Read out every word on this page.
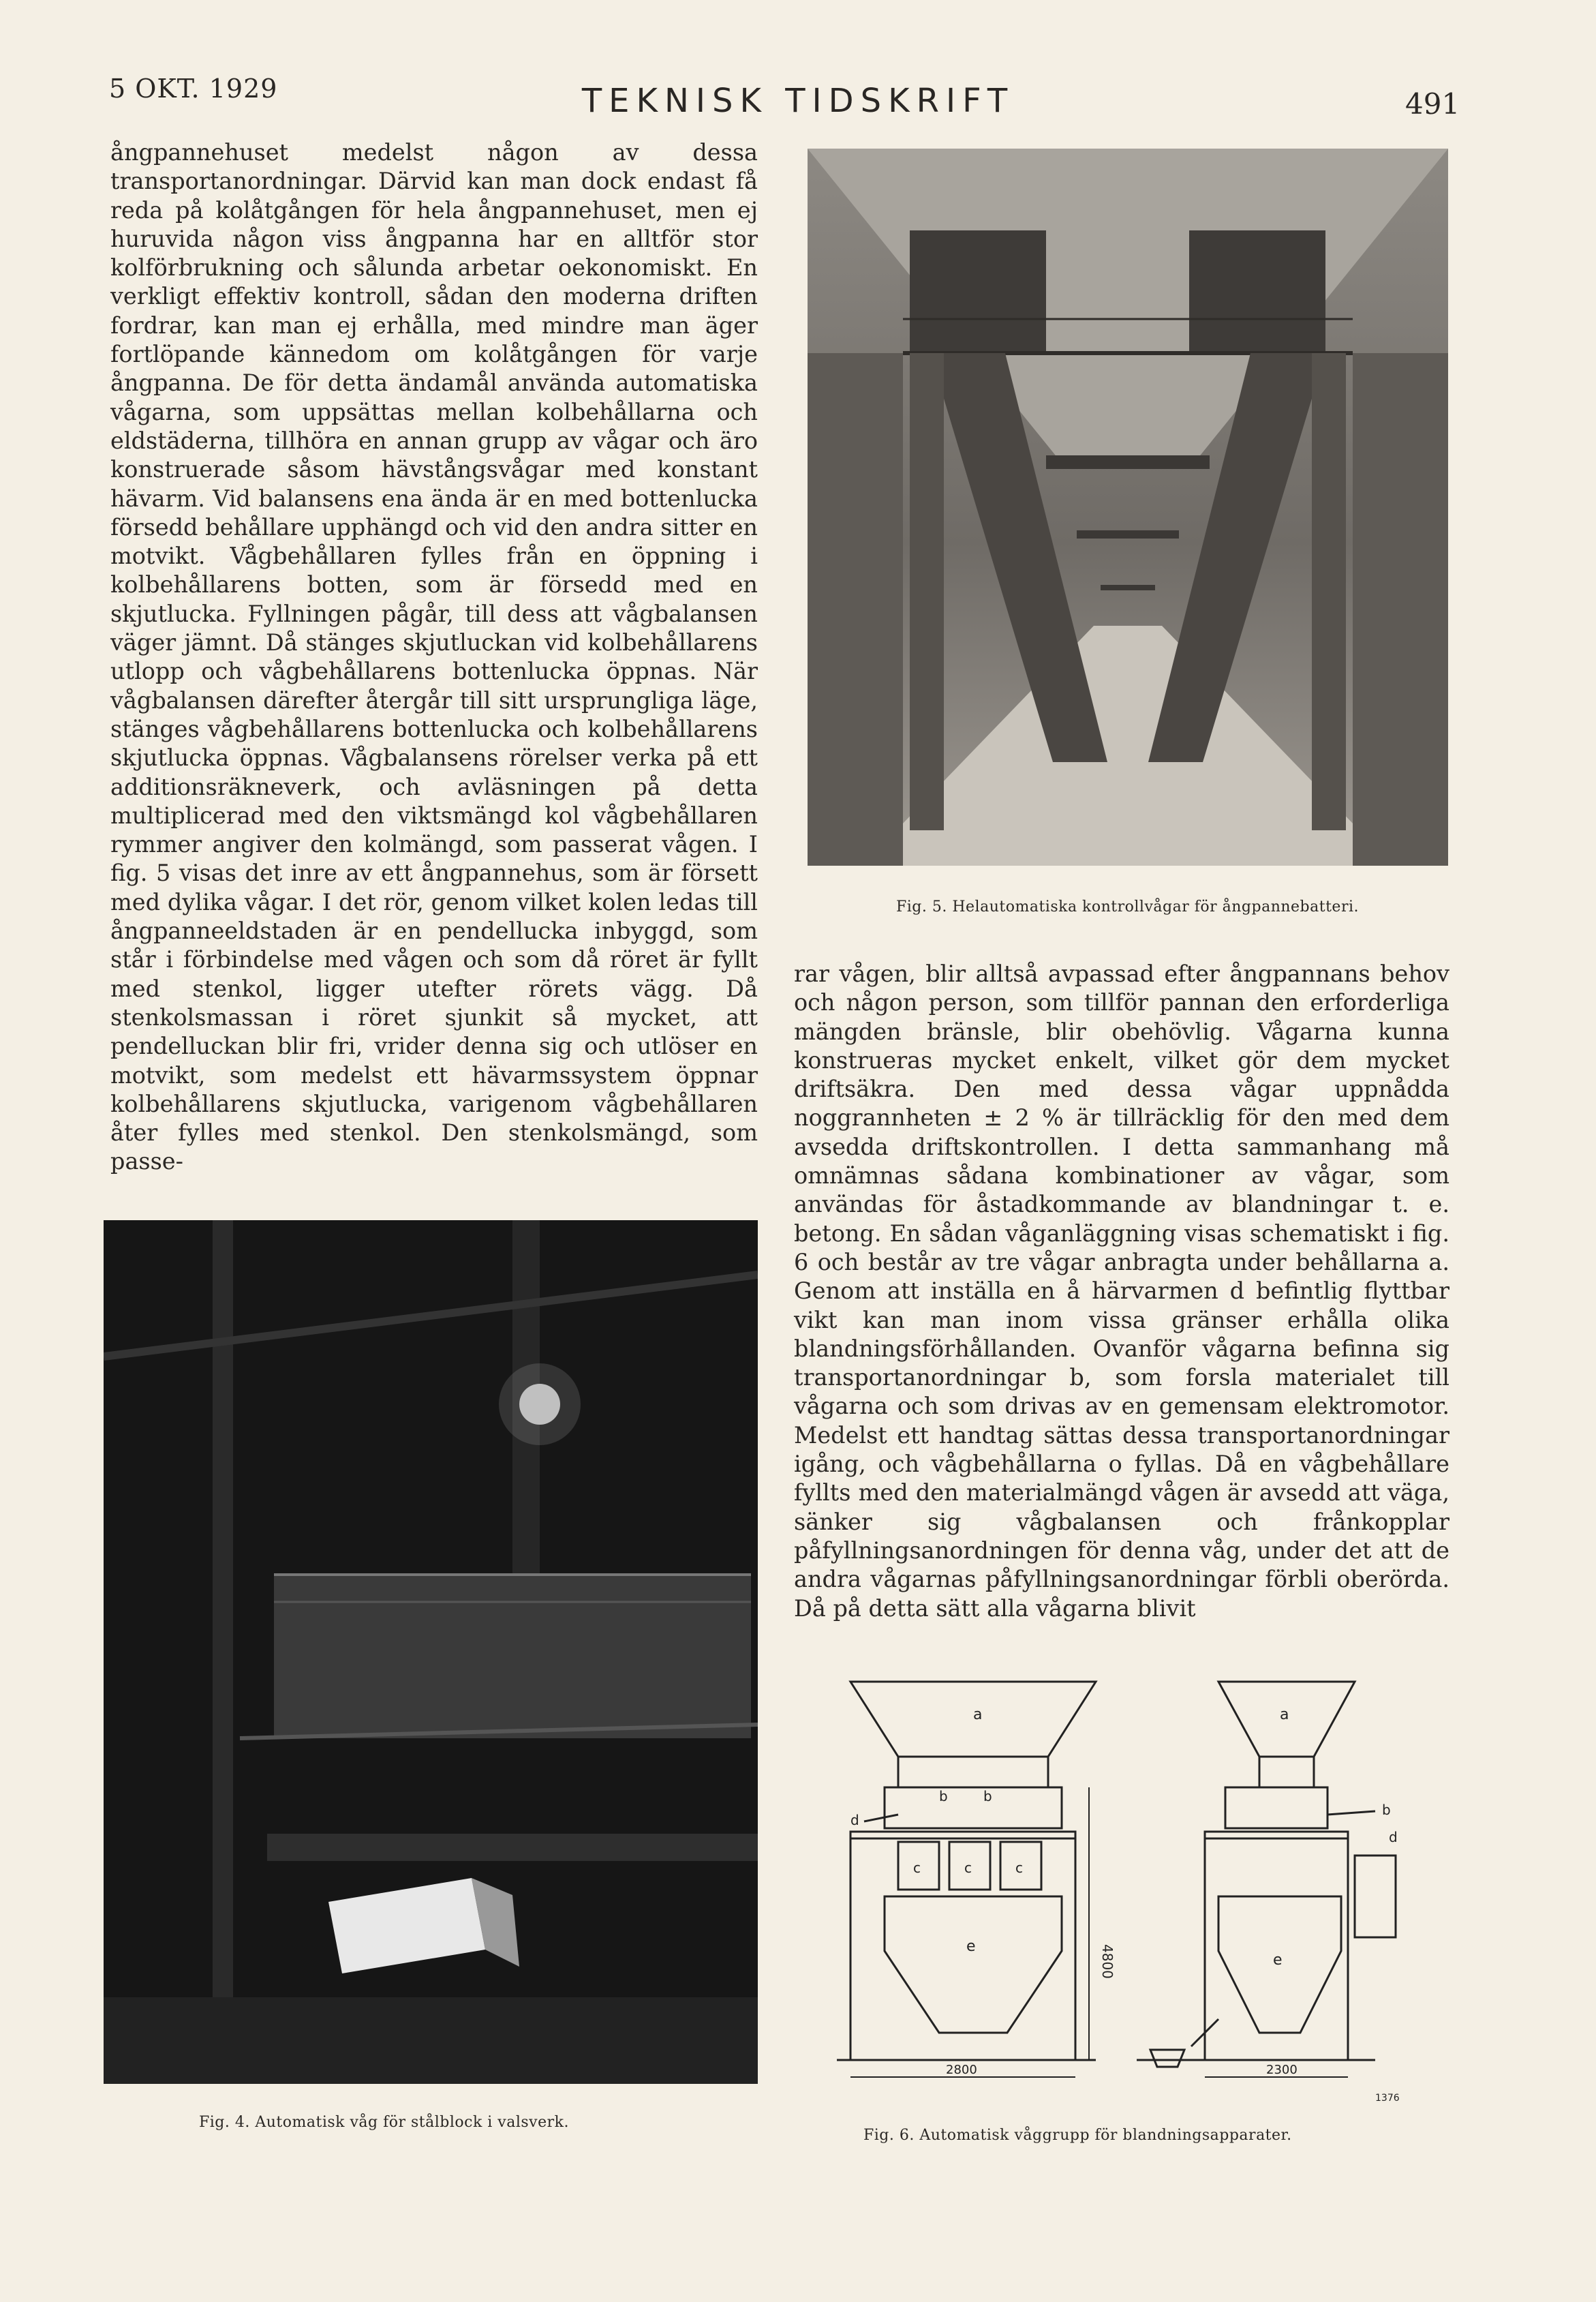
5 OKT. 1929	TEKNISK TIDSKRIFT	491

ångpannehuset medelst någon av dessa transportanordningar. Därvid kan man dock endast få reda på kolåtgången för hela ångpannehuset, men ej huruvida någon viss ångpanna har en alltför stor kolförbrukning och sålunda arbetar oekonomiskt. En verkligt effektiv kontroll, sådan den moderna driften fordrar, kan man ej erhålla, med mindre man äger fortlöpande kännedom om kolåtgången för varje ångpanna. De för detta ändamål använda automatiska vågarna, som uppsättas mellan kolbehållarna och eldstäderna, tillhöra en annan grupp av vågar och äro konstruerade såsom hävstångsvågar med konstant hävarm. Vid balansens ena ända är en med bottenlucka försedd behållare upphängd och vid den andra sitter en motvikt. Vågbehållaren fylles från en öppning i kolbehållarens botten, som är försedd med en skjutlucka. Fyllningen pågår, till dess att vågbalansen väger jämnt. Då stänges skjutluckan vid kolbehållarens utlopp och vågbehållarens bottenlucka öppnas. När vågbalansen därefter återgår till sitt ursprungliga läge, stänges vågbehållarens bottenlucka och kolbehållarens skjutlucka öppnas. Vågbalansens rörelser verka på ett additionsräkneverk, och avläsningen på detta multiplicerad med den viktsmängd kol vågbehållaren rymmer angiver den kolmängd, som passerat vågen. I fig. 5 visas det inre av ett ångpannehus, som är försett med dylika vågar. I det rör, genom vilket kolen ledas till ångpanneeldstaden är en pendellucka inbyggd, som står i förbindelse med vågen och som då röret är fyllt med stenkol, ligger utefter rörets vägg. Då stenkolsmassan i röret sjunkit så mycket, att pendelluckan blir fri, vrider denna sig och utlöser en motvikt, som medelst ett hävarmssystem öppnar kolbehållarens skjutlucka, varigenom vågbehållaren åter fylles med stenkol. Den stenkolsmängd, som passe-

Fig. 5. Helautomatiska kontrollvågar för ångpannebatteri.

rar vågen, blir alltså avpassad efter ångpannans behov och någon person, som tillför pannan den erforderliga mängden bränsle, blir obehövlig. Vågarna kunna konstrueras mycket enkelt, vilket gör dem mycket driftsäkra. Den med dessa vågar uppnådda noggrannheten ± 2 % är tillräcklig för den med dem avsedda driftskontrollen. I detta sammanhang må omnämnas sådana kombinationer av vågar, som användas för åstadkommande av blandningar t. e. betong. En sådan våganläggning visas schematiskt i fig. 6 och består av tre vågar anbragta under behållarna a. Genom att inställa en å härvarmen d befintlig flyttbar vikt kan man inom vissa gränser erhålla olika blandningsförhållanden. Ovanför vågarna befinna sig transportanordningar b, som forsla materialet till vågarna och som drivas av en gemensam elektromotor. Medelst ett handtag sättas dessa transportanordningar igång, och vågbehållarna o fyllas. Då en vågbehållare fyllts med den materialmängd vågen är avsedd att väga, sänker sig vågbalansen och frånkopplar påfyllningsanordningen för denna våg, under det att de andra vågarnas påfyllningsanordningar förbli oberörda. Då på detta sätt alla vågarna blivit

Fig. 4. Automatisk våg för stålblock i valsverk.
a
b	b
d
c	c	c
e	4800
2800
a
b
d
e
2300
1376
Fig. 6. Automatisk våggrupp för blandningsapparater.
